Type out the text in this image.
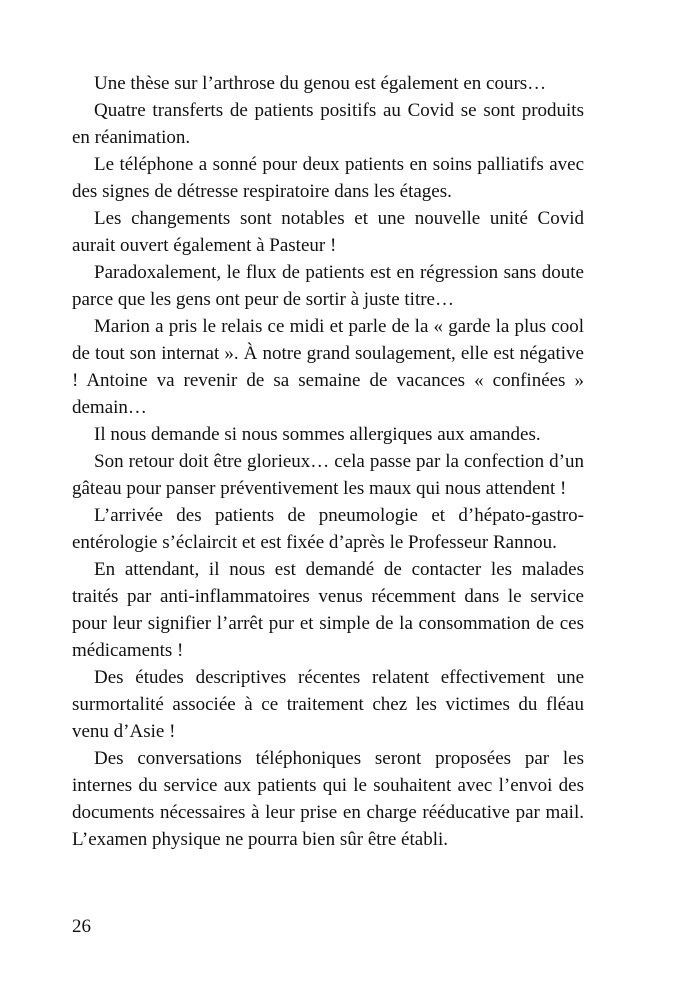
Une thèse sur l’arthrose du genou est également en cours…

Quatre transferts de patients positifs au Covid se sont produits en réanimation.

Le téléphone a sonné pour deux patients en soins palliatifs avec des signes de détresse respiratoire dans les étages.

Les changements sont notables et une nouvelle unité Covid aurait ouvert également à Pasteur !

Paradoxalement, le flux de patients est en régression sans doute parce que les gens ont peur de sortir à juste titre…

Marion a pris le relais ce midi et parle de la « garde la plus cool de tout son internat ». À notre grand soulagement, elle est négative ! Antoine va revenir de sa semaine de vacances « confinées » demain…

Il nous demande si nous sommes allergiques aux amandes.

Son retour doit être glorieux… cela passe par la confection d’un gâteau pour panser préventivement les maux qui nous attendent !

L’arrivée des patients de pneumologie et d’hépato-gastro-entérologie s’éclaircit et est fixée d’après le Professeur Rannou.

En attendant, il nous est demandé de contacter les malades traités par anti-inflammatoires venus récemment dans le service pour leur signifier l’arrêt pur et simple de la consommation de ces médicaments !

Des études descriptives récentes relatent effectivement une surmortalité associée à ce traitement chez les victimes du fléau venu d’Asie !

Des conversations téléphoniques seront proposées par les internes du service aux patients qui le souhaitent avec l’envoi des documents nécessaires à leur prise en charge rééducative par mail. L’examen physique ne pourra bien sûr être établi.

26
